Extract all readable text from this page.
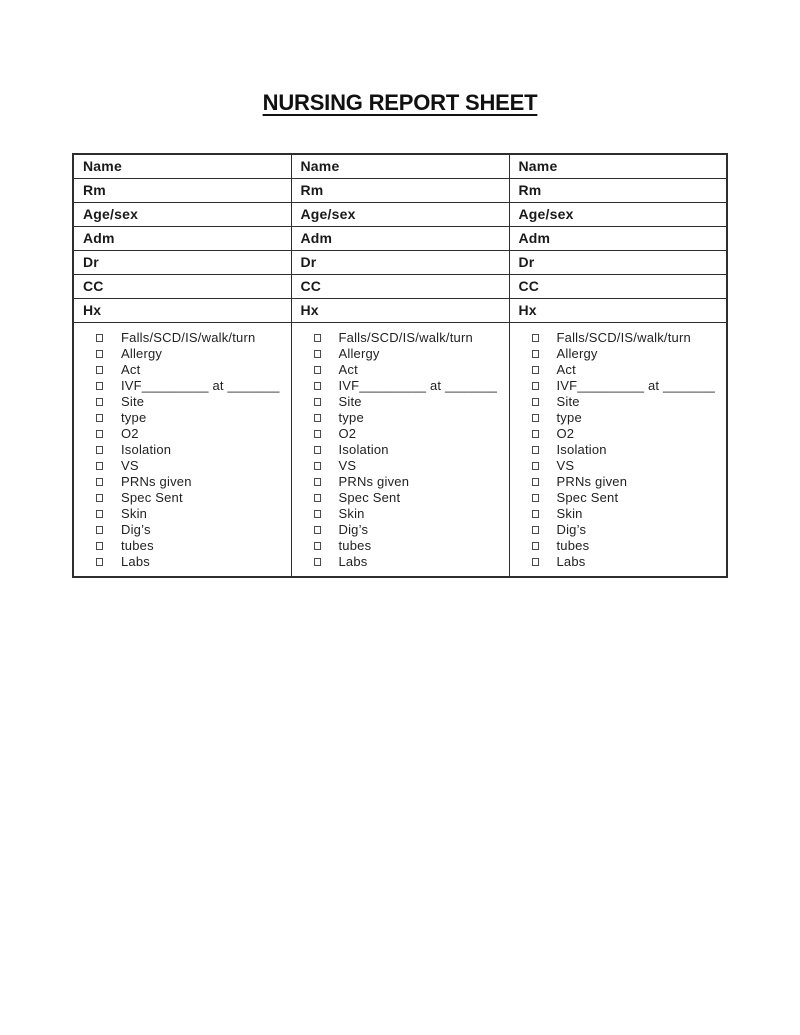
NURSING REPORT SHEET
Name	Name	Name
Rm	Rm	Rm
Age/sex	Age/sex	Age/sex
Adm	Adm	Adm
Dr	Dr	Dr
CC	CC	CC
Hx	Hx	Hx

Falls/SCD/IS/walk/turn
Allergy
Act
IVF_________ at _______
Site
type
O2
Isolation
VS
PRNs given
Spec Sent
Skin
Dig’s
tubes
Labs

Falls/SCD/IS/walk/turn
Allergy
Act
IVF_________ at _______
Site
type
O2
Isolation
VS
PRNs given
Spec Sent
Skin
Dig’s
tubes
Labs

Falls/SCD/IS/walk/turn
Allergy
Act
IVF_________ at _______
Site
type
O2
Isolation
VS
PRNs given
Spec Sent
Skin
Dig’s
tubes
Labs
